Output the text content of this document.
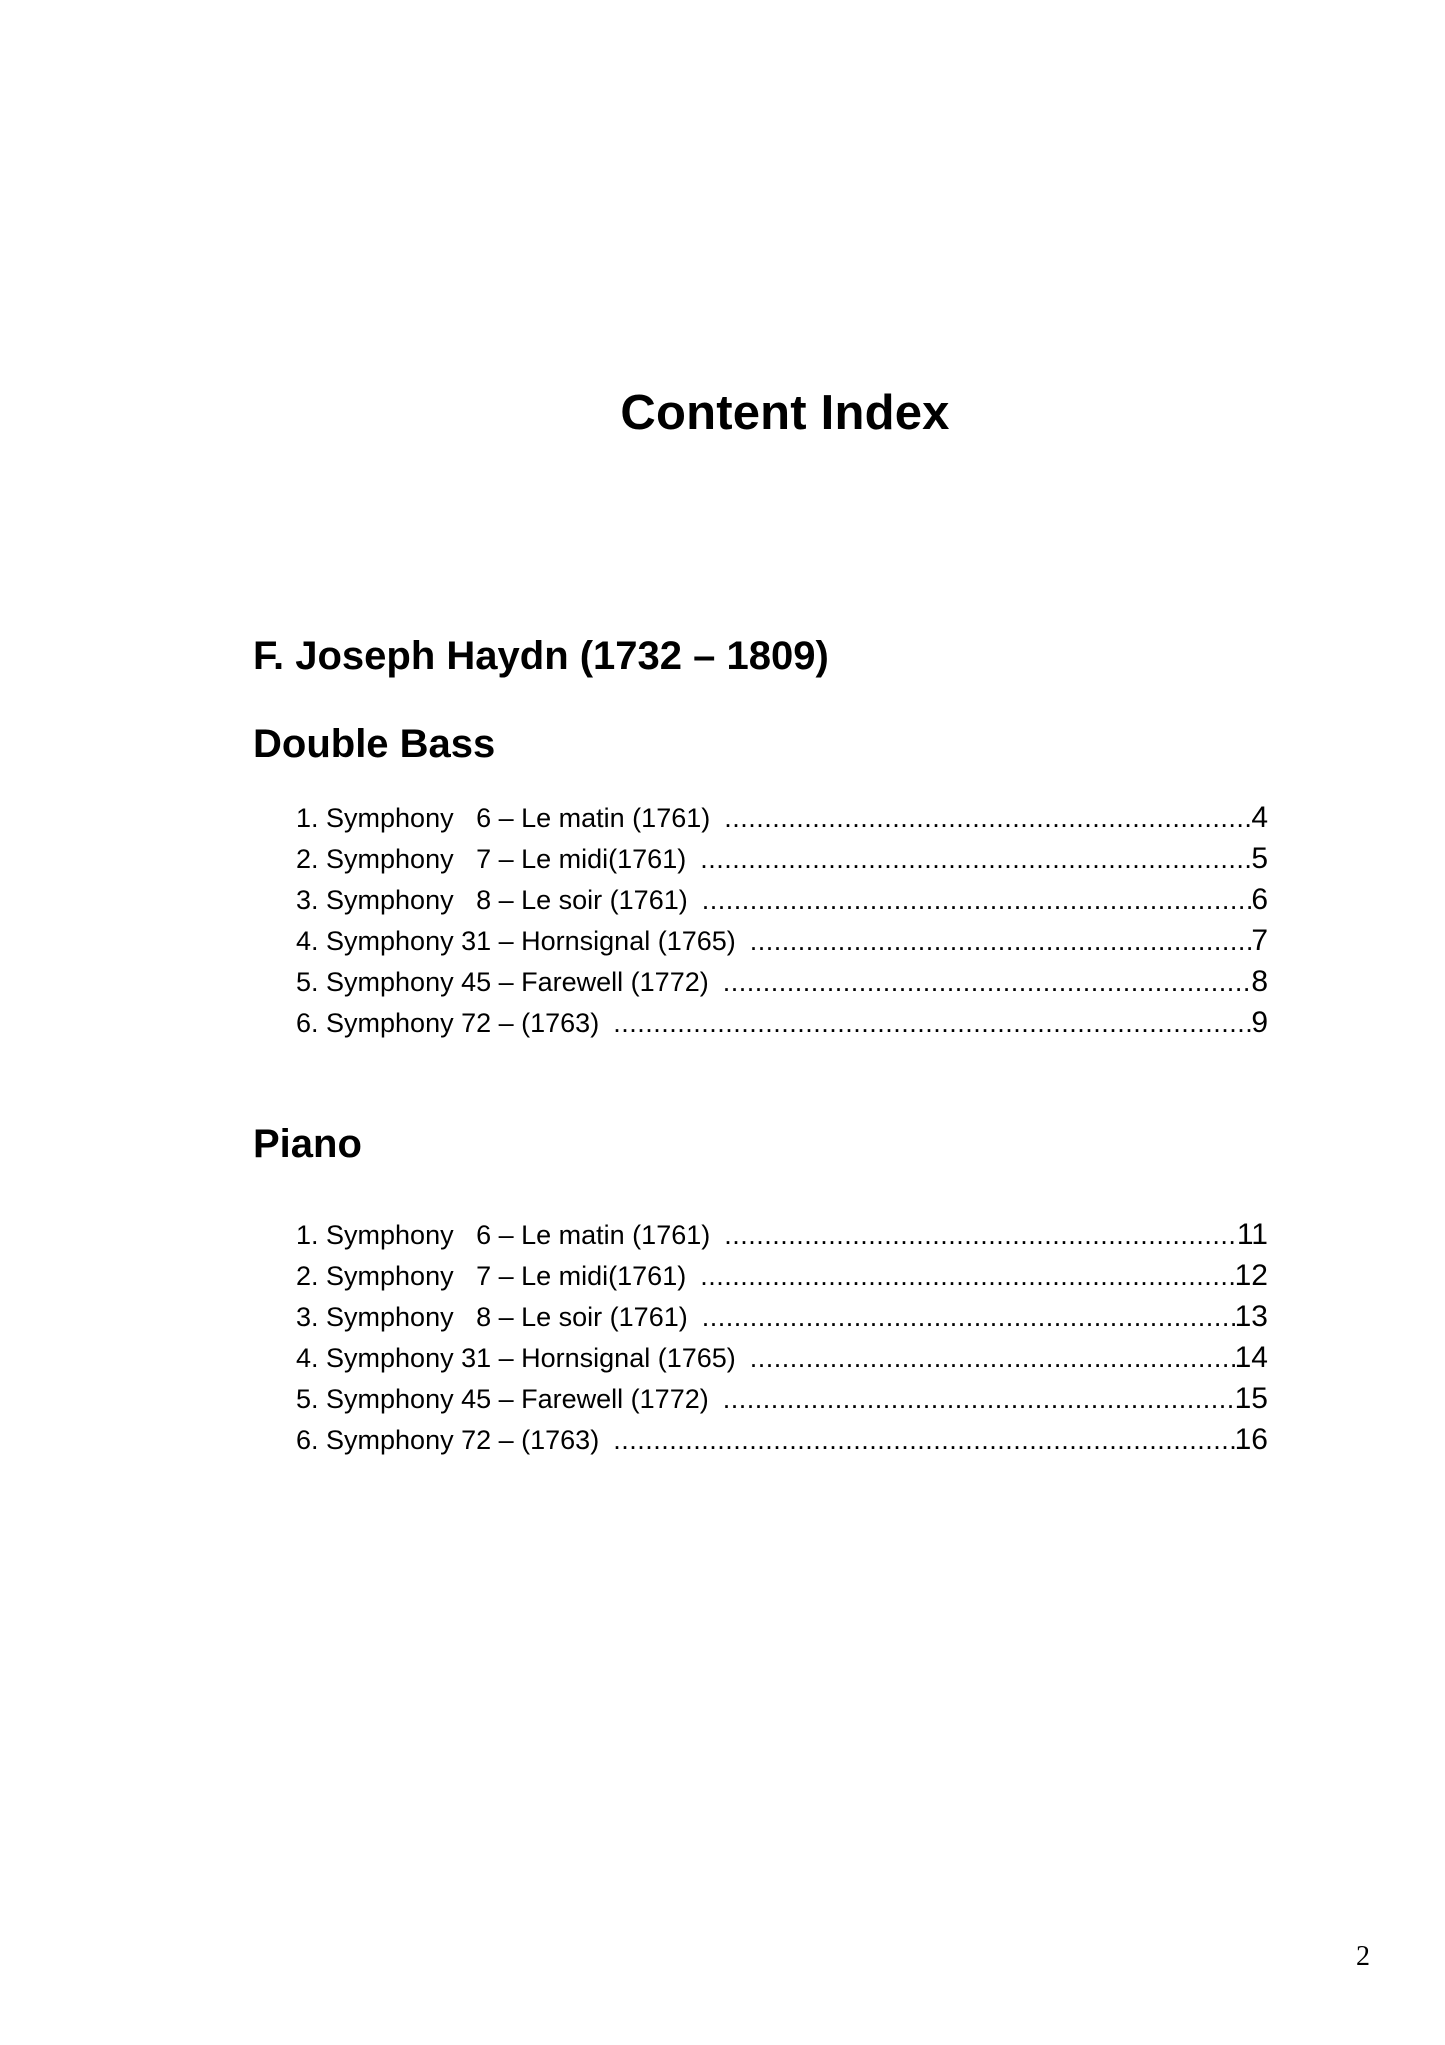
Content Index
F. Joseph Haydn (1732 – 1809)
Double Bass
1. Symphony   6 – Le matin (1761) .....	4
2. Symphony   7 – Le midi(1761) .....	5
3. Symphony   8 – Le soir (1761) .....	6
4. Symphony 31 – Hornsignal (1765) .....	7
5. Symphony 45 – Farewell (1772) .....	8
6. Symphony 72 – (1763) .....	9
Piano
1. Symphony   6 – Le matin (1761) .....	11
2. Symphony   7 – Le midi(1761) .....	12
3. Symphony   8 – Le soir (1761) .....	13
4. Symphony 31 – Hornsignal (1765) .....	14
5. Symphony 45 – Farewell (1772) .....	15
6. Symphony 72 – (1763) .....	16
2
